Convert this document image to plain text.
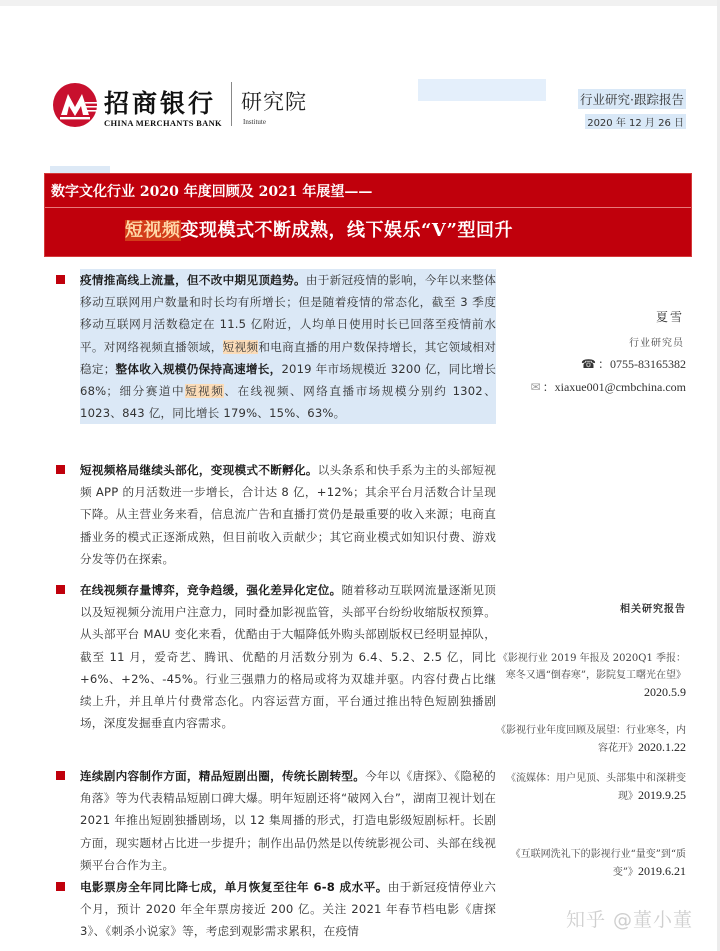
招商银行
CHINA MERCHANTS BANK
研究院
Institute
行业研究·跟踪报告
2020 年 12 月 26 日
数字文化行业 2020 年度回顾及 2021 年展望——
短视频变现模式不断成熟，线下娱乐“V”型回升
疫情推高线上流量，但不改中期见顶趋势。由于新冠疫情的影响，今年以来整体移动互联网用户数量和时长均有所增长；但是随着疫情的常态化，截至 3 季度移动互联网月活数稳定在 11.5 亿附近，人均单日使用时长已回落至疫情前水平。对网络视频直播领域，短视频和电商直播的用户数保持增长，其它领域相对稳定；整体收入规模仍保持高速增长，2019 年市场规模近 3200 亿，同比增长 68%；细分赛道中短视频、在线视频、网络直播市场规模分别约 1302、1023、843 亿，同比增长 179%、15%、63%。
短视频格局继续头部化，变现模式不断孵化。以头条系和快手系为主的头部短视频 APP 的月活数进一步增长，合计达 8 亿，+12%；其余平台月活数合计呈现下降。从主营业务来看，信息流广告和直播打赏仍是最重要的收入来源；电商直播业务的模式正逐渐成熟，但目前收入贡献少；其它商业模式如知识付费、游戏分发等仍在探索。
在线视频存量博弈，竞争趋缓，强化差异化定位。随着移动互联网流量逐渐见顶以及短视频分流用户注意力，同时叠加影视监管，头部平台纷纷收缩版权预算。从头部平台 MAU 变化来看，优酷由于大幅降低外购头部剧版权已经明显掉队，截至 11 月，爱奇艺、腾讯、优酷的月活数分别为 6.4、5.2、2.5 亿，同比+6%、+2%、-45%。行业三强鼎力的格局或将为双雄并驱。内容付费占比继续上升，并且单片付费常态化。内容运营方面，平台通过推出特色短剧独播剧场，深度发掘垂直内容需求。
连续剧内容制作方面，精品短剧出圈，传统长剧转型。今年以《唐探》、《隐秘的角落》等为代表精品短剧口碑大爆。明年短剧还将“破网入台”，湖南卫视计划在 2021 年推出短剧独播剧场，以 12 集周播的形式，打造电影级短剧标杆。长剧方面，现实题材占比进一步提升；制作出品仍然是以传统影视公司、头部在线视频平台合作为主。
电影票房全年同比降七成，单月恢复至往年 6-8 成水平。由于新冠疫情停业六个月，预计 2020 年全年票房接近 200 亿。关注 2021 年春节档电影《唐探 3》、《刺杀小说家》等，考虑到观影需求累积，在疫情
夏雪
行业研究员
☎ ：0755-83165382
✉ ：xiaxue001@cmbchina.com
相关研究报告
《影视行业 2019 年报及 2020Q1 季报：寒冬又遇“倒春寒”，影院复工曙光在望》2020.5.9
《影视行业年度回顾及展望：行业寒冬，内容花开》2020.1.22
《流媒体：用户见顶、头部集中和深耕变现》2019.9.25
《互联网洗礼下的影视行业“量变”到“质变”》2019.6.21
知乎 @董小董
